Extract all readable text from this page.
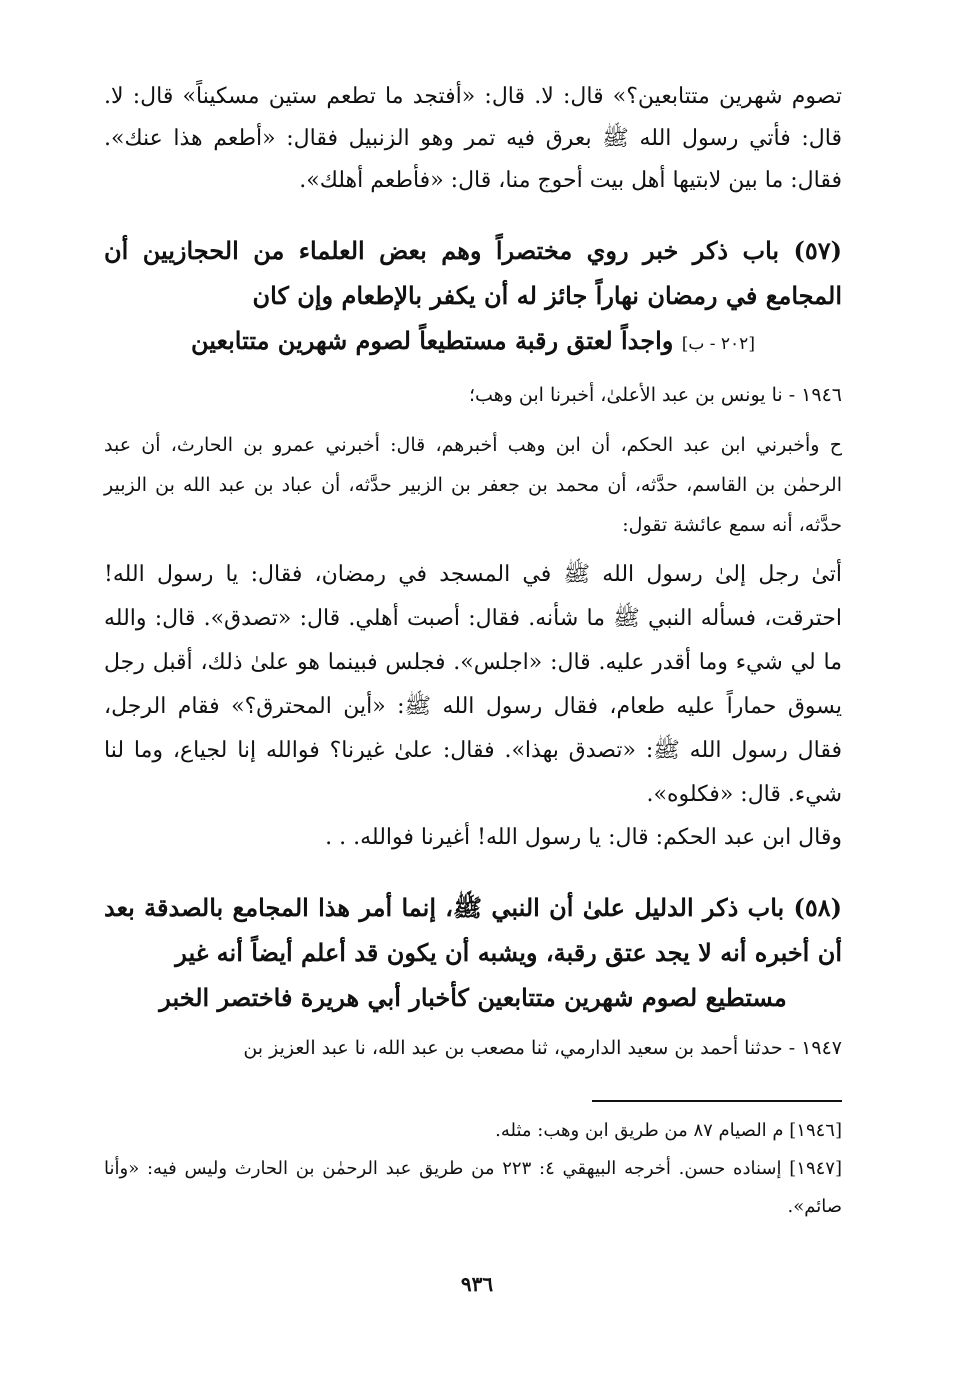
تصوم شهرين متتابعين؟» قال: لا. قال: «أفتجد ما تطعم ستين مسكيناً» قال: لا. قال: فأتي رسول الله ﷺ بعرق فيه تمر وهو الزنبيل فقال: «أطعم هذا عنك». فقال: ما بين لابتيها أهل بيت أحوج منا، قال: «فأطعم أهلك».

(٥٧) باب ذكر خبر روي مختصراً وهم بعض العلماء من الحجازيين أن المجامع في رمضان نهاراً جائز له أن يكفر بالإطعام وإن كان
[٢٠٢ - ب] واجداً لعتق رقبة مستطيعاً لصوم شهرين متتابعين

١٩٤٦ - نا يونس بن عبد الأعلىٰ، أخبرنا ابن وهب؛

ح وأخبرني ابن عبد الحكم، أن ابن وهب أخبرهم، قال: أخبرني عمرو بن الحارث، أن عبد الرحمٰن بن القاسم، حدَّثه، أن محمد بن جعفر بن الزبير حدَّثه، أن عباد بن عبد الله بن الزبير حدَّثه، أنه سمع عائشة تقول:

أتىٰ رجل إلىٰ رسول الله ﷺ في المسجد في رمضان، فقال: يا رسول الله! احترقت، فسأله النبي ﷺ ما شأنه. فقال: أصبت أهلي. قال: «تصدق». قال: والله ما لي شيء وما أقدر عليه. قال: «اجلس». فجلس فبينما هو علىٰ ذلك، أقبل رجل يسوق حماراً عليه طعام، فقال رسول الله ﷺ: «أين المحترق؟» فقام الرجل، فقال رسول الله ﷺ: «تصدق بهذا». فقال: علىٰ غيرنا؟ فوالله إنا لجياع، وما لنا شيء. قال: «فكلوه».

وقال ابن عبد الحكم: قال: يا رسول الله! أغيرنا فوالله. . .

(٥٨) باب ذكر الدليل علىٰ أن النبي ﷺ، إنما أمر هذا المجامع بالصدقة بعد أن أخبره أنه لا يجد عتق رقبة، ويشبه أن يكون قد أعلم أيضاً أنه غير
مستطيع لصوم شهرين متتابعين كأخبار أبي هريرة فاختصر الخبر

١٩٤٧ - حدثنا أحمد بن سعيد الدارمي، ثنا مصعب بن عبد الله، نا عبد العزيز بن

[١٩٤٦] م الصيام ٨٧ من طريق ابن وهب: مثله.

[١٩٤٧] إسناده حسن. أخرجه البيهقي ٤: ٢٢٣ من طريق عبد الرحمٰن بن الحارث وليس فيه: «وأنا صائم».

٩٣٦
